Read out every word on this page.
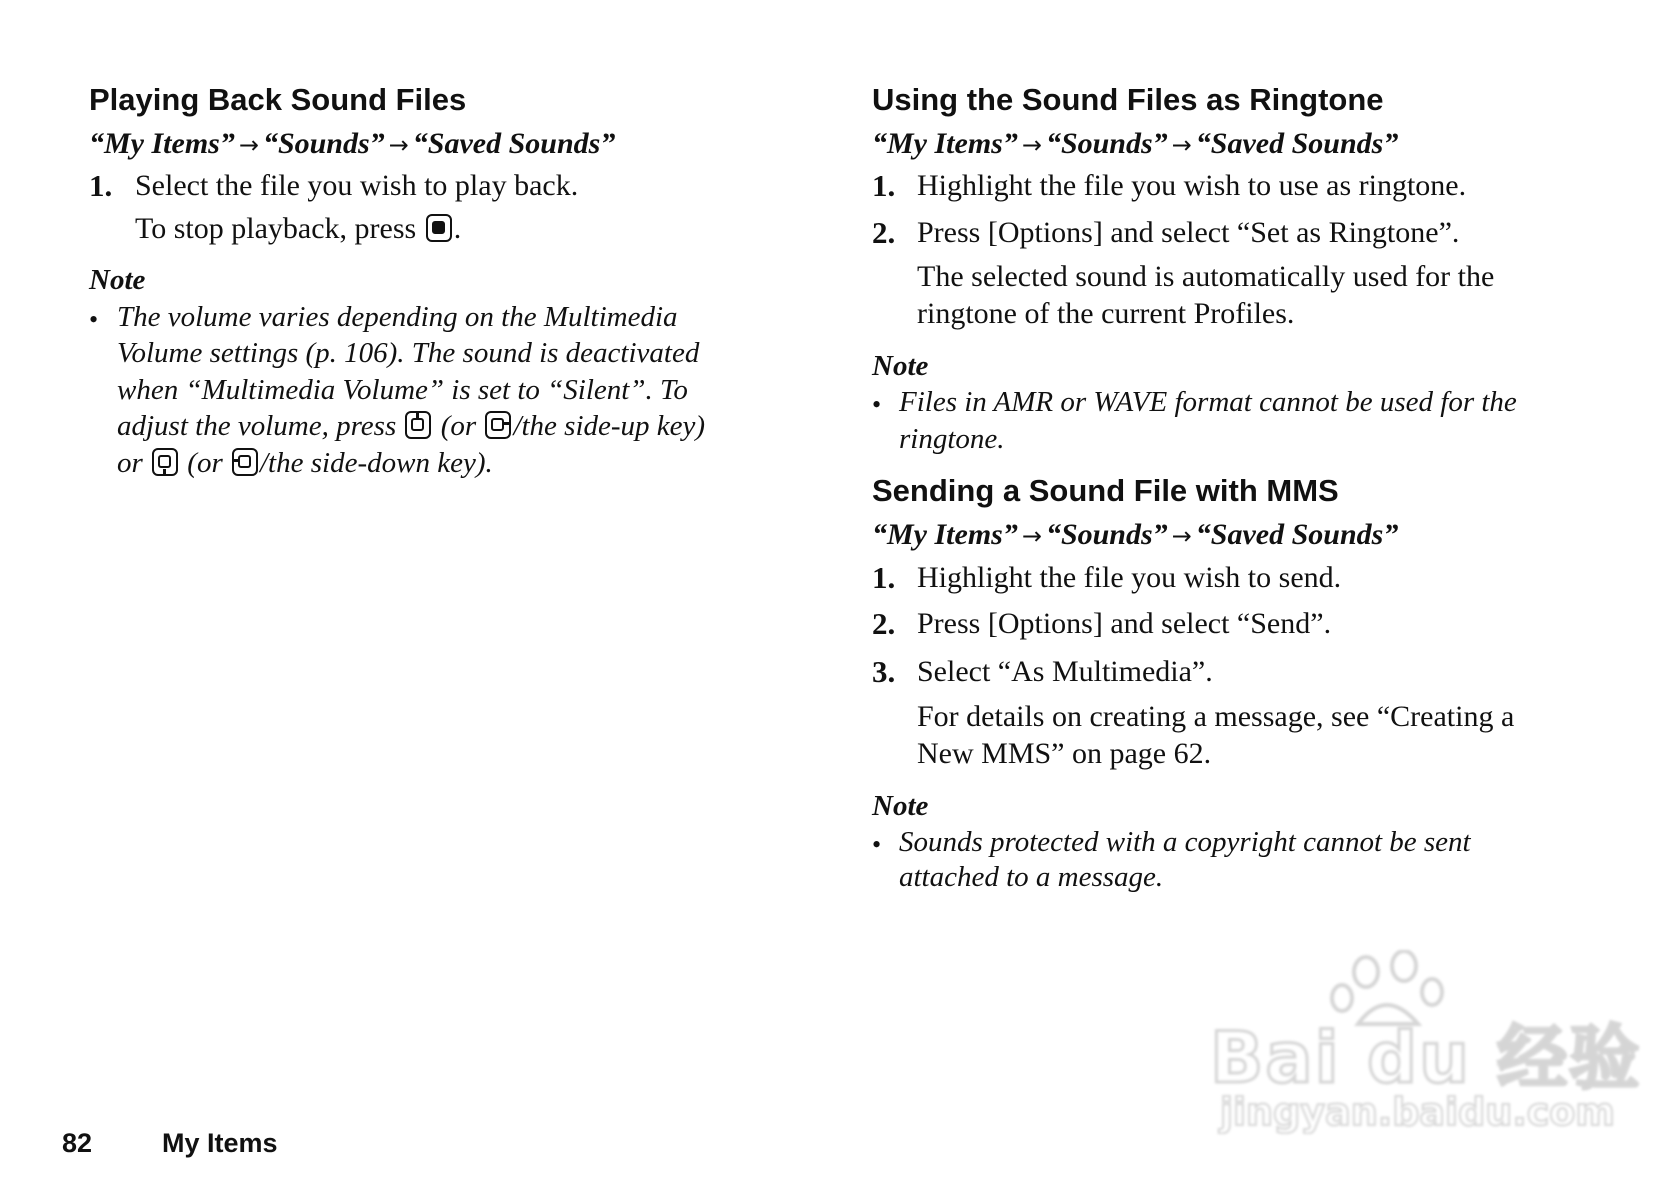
Playing Back Sound Files
“My Items” → “Sounds” → “Saved Sounds”
1. Select the file you wish to play back.
To stop playback, press .
Note
• The volume varies depending on the Multimedia
Volume settings (p. 106). The sound is deactivated
when “Multimedia Volume” is set to “Silent”. To
adjust the volume, press (or /the side-up key)
or (or /the side-down key).
Using the Sound Files as Ringtone
“My Items” → “Sounds” → “Saved Sounds”
1. Highlight the file you wish to use as ringtone.
2. Press [Options] and select “Set as Ringtone”.
The selected sound is automatically used for the
ringtone of the current Profiles.
Note
• Files in AMR or WAVE format cannot be used for the
ringtone.
Sending a Sound File with MMS
“My Items” → “Sounds” → “Saved Sounds”
1. Highlight the file you wish to send.
2. Press [Options] and select “Send”.
3. Select “As Multimedia”.
For details on creating a message, see “Creating a
New MMS” on page 62.
Note
• Sounds protected with a copyright cannot be sent
attached to a message.
Bai du 经验
jingyan.baidu.com
82	My Items
